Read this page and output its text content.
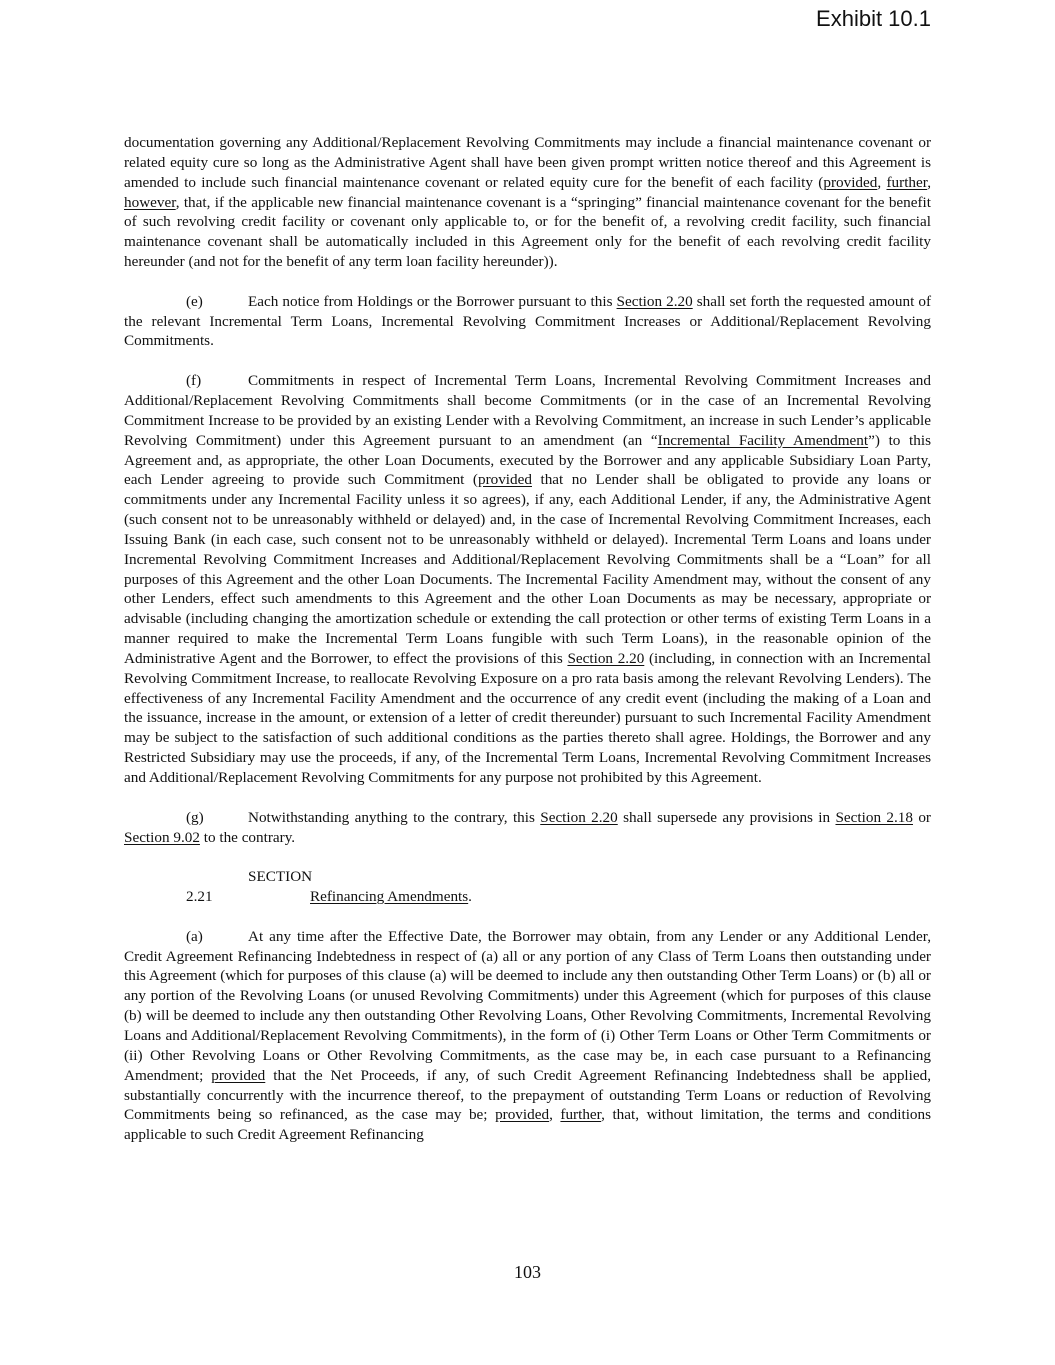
Exhibit 10.1

documentation governing any Additional/Replacement Revolving Commitments may include a financial maintenance covenant or related equity cure so long as the Administrative Agent shall have been given prompt written notice thereof and this Agreement is amended to include such financial maintenance covenant or related equity cure for the benefit of each facility (provided, further, however, that, if the applicable new financial maintenance covenant is a “springing” financial maintenance covenant for the benefit of such revolving credit facility or covenant only applicable to, or for the benefit of, a revolving credit facility, such financial maintenance covenant shall be automatically included in this Agreement only for the benefit of each revolving credit facility hereunder (and not for the benefit of any term loan facility hereunder)).

(e)	Each notice from Holdings or the Borrower pursuant to this Section 2.20 shall set forth the requested amount of the relevant Incremental Term Loans, Incremental Revolving Commitment Increases or Additional/Replacement Revolving Commitments.

(f)	Commitments in respect of Incremental Term Loans, Incremental Revolving Commitment Increases and Additional/Replacement Revolving Commitments shall become Commitments (or in the case of an Incremental Revolving Commitment Increase to be provided by an existing Lender with a Revolving Commitment, an increase in such Lender’s applicable Revolving Commitment) under this Agreement pursuant to an amendment (an “Incremental Facility Amendment”) to this Agreement and, as appropriate, the other Loan Documents, executed by the Borrower and any applicable Subsidiary Loan Party, each Lender agreeing to provide such Commitment (provided that no Lender shall be obligated to provide any loans or commitments under any Incremental Facility unless it so agrees), if any, each Additional Lender, if any, the Administrative Agent (such consent not to be unreasonably withheld or delayed) and, in the case of Incremental Revolving Commitment Increases, each Issuing Bank (in each case, such consent not to be unreasonably withheld or delayed). Incremental Term Loans and loans under Incremental Revolving Commitment Increases and Additional/Replacement Revolving Commitments shall be a “Loan” for all purposes of this Agreement and the other Loan Documents. The Incremental Facility Amendment may, without the consent of any other Lenders, effect such amendments to this Agreement and the other Loan Documents as may be necessary, appropriate or advisable (including changing the amortization schedule or extending the call protection or other terms of existing Term Loans in a manner required to make the Incremental Term Loans fungible with such Term Loans), in the reasonable opinion of the Administrative Agent and the Borrower, to effect the provisions of this Section 2.20 (including, in connection with an Incremental Revolving Commitment Increase, to reallocate Revolving Exposure on a pro rata basis among the relevant Revolving Lenders). The effectiveness of any Incremental Facility Amendment and the occurrence of any credit event (including the making of a Loan and the issuance, increase in the amount, or extension of a letter of credit thereunder) pursuant to such Incremental Facility Amendment may be subject to the satisfaction of such additional conditions as the parties thereto shall agree. Holdings, the Borrower and any Restricted Subsidiary may use the proceeds, if any, of the Incremental Term Loans, Incremental Revolving Commitment Increases and Additional/Replacement Revolving Commitments for any purpose not prohibited by this Agreement.

(g)	Notwithstanding anything to the contrary, this Section 2.20 shall supersede any provisions in Section 2.18 or Section 9.02 to the contrary.

SECTION 2.21	Refinancing Amendments.

(a)	At any time after the Effective Date, the Borrower may obtain, from any Lender or any Additional Lender, Credit Agreement Refinancing Indebtedness in respect of (a) all or any portion of any Class of Term Loans then outstanding under this Agreement (which for purposes of this clause (a) will be deemed to include any then outstanding Other Term Loans) or (b) all or any portion of the Revolving Loans (or unused Revolving Commitments) under this Agreement (which for purposes of this clause (b) will be deemed to include any then outstanding Other Revolving Loans, Other Revolving Commitments, Incremental Revolving Loans and Additional/Replacement Revolving Commitments), in the form of (i) Other Term Loans or Other Term Commitments or (ii) Other Revolving Loans or Other Revolving Commitments, as the case may be, in each case pursuant to a Refinancing Amendment; provided that the Net Proceeds, if any, of such Credit Agreement Refinancing Indebtedness shall be applied, substantially concurrently with the incurrence thereof, to the prepayment of outstanding Term Loans or reduction of Revolving Commitments being so refinanced, as the case may be; provided, further, that, without limitation, the terms and conditions applicable to such Credit Agreement Refinancing

103
